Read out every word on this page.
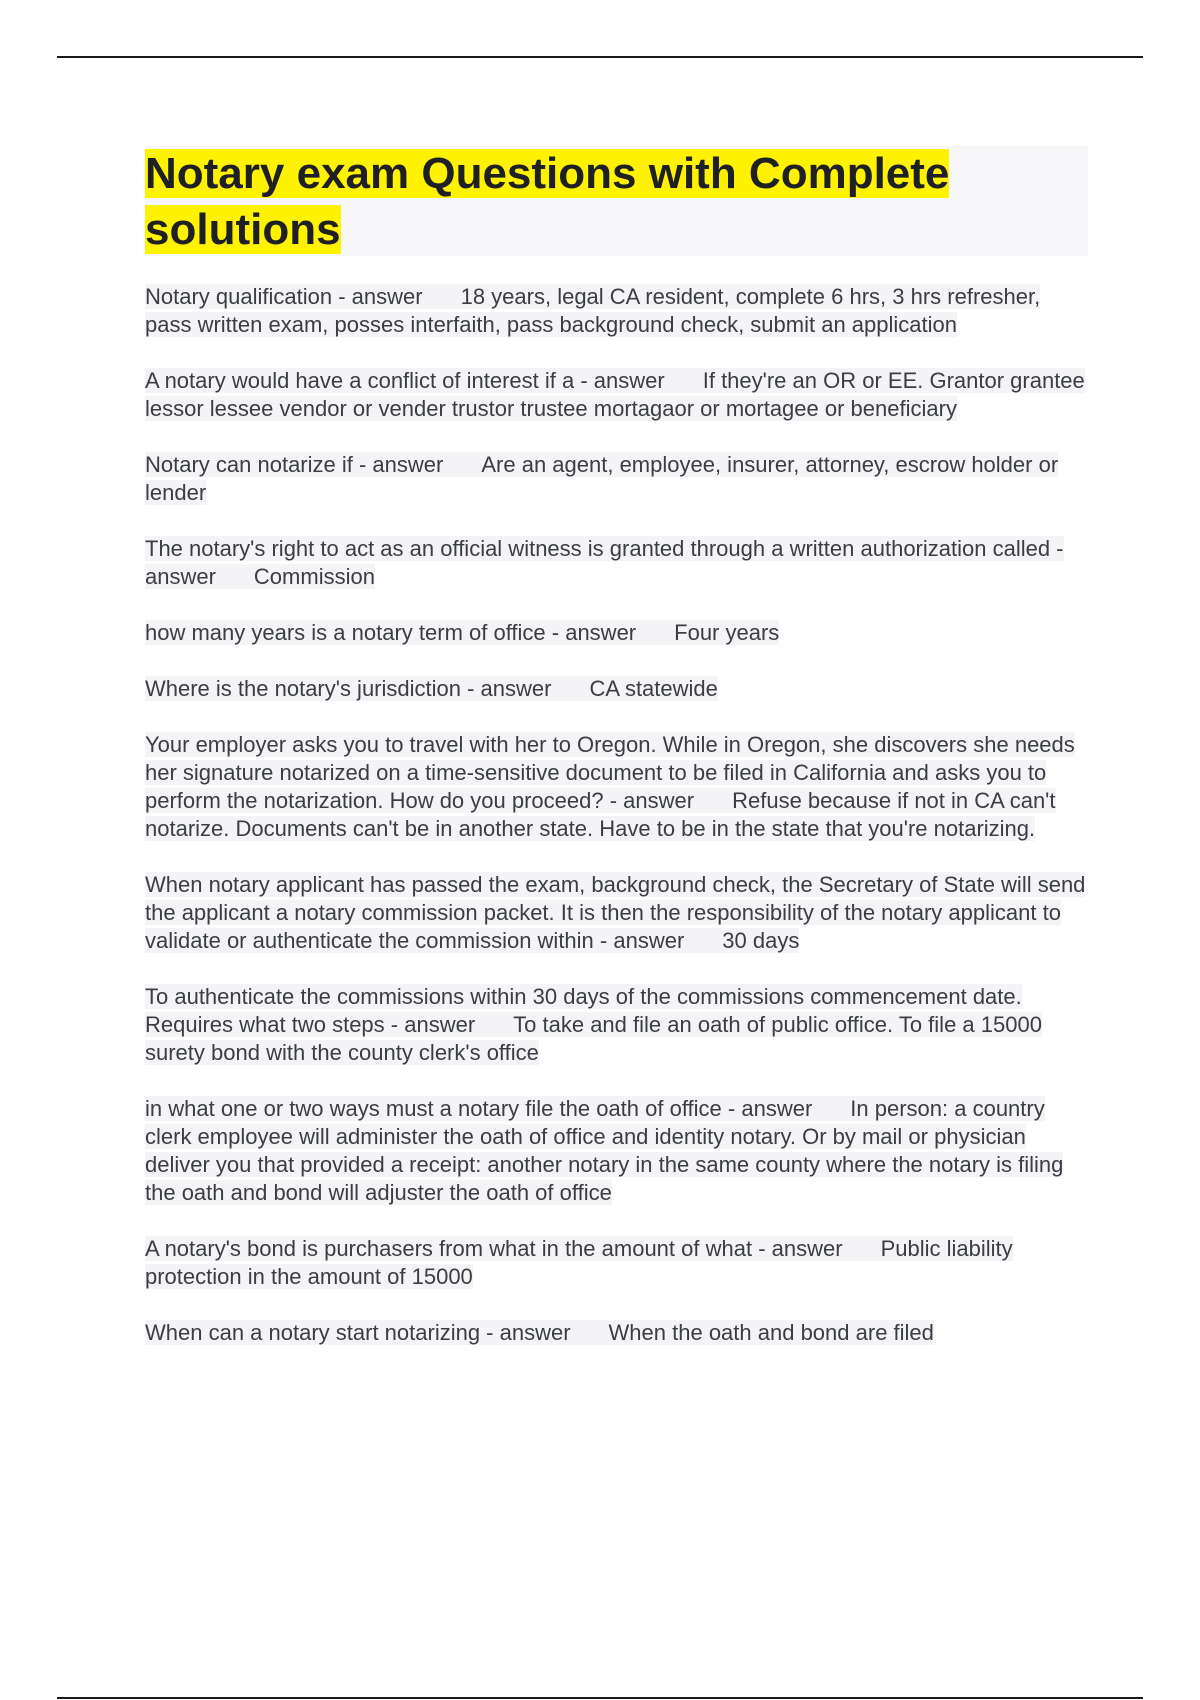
Notary exam Questions with Complete solutions

Notary qualification - answer 18 years, legal CA resident, complete 6 hrs, 3 hrs refresher, pass written exam, posses interfaith, pass background check, submit an application

A notary would have a conflict of interest if a - answer If they're an OR or EE. Grantor grantee lessor lessee vendor or vender trustor trustee mortagaor or mortagee or beneficiary

Notary can notarize if - answer Are an agent, employee, insurer, attorney, escrow holder or lender

The notary's right to act as an official witness is granted through a written authorization called - answer Commission

how many years is a notary term of office - answer Four years

Where is the notary's jurisdiction - answer CA statewide

Your employer asks you to travel with her to Oregon. While in Oregon, she discovers she needs her signature notarized on a time-sensitive document to be filed in California and asks you to perform the notarization. How do you proceed? - answer Refuse because if not in CA can't notarize. Documents can't be in another state. Have to be in the state that you're notarizing.

When notary applicant has passed the exam, background check, the Secretary of State will send the applicant a notary commission packet. It is then the responsibility of the notary applicant to validate or authenticate the commission within - answer 30 days

To authenticate the commissions within 30 days of the commissions commencement date. Requires what two steps - answer To take and file an oath of public office. To file a 15000 surety bond with the county clerk's office

in what one or two ways must a notary file the oath of office - answer In person: a country clerk employee will administer the oath of office and identity notary. Or by mail or physician deliver you that provided a receipt: another notary in the same county where the notary is filing the oath and bond will adjuster the oath of office

A notary's bond is purchasers from what in the amount of what - answer Public liability protection in the amount of 15000

When can a notary start notarizing - answer When the oath and bond are filed
